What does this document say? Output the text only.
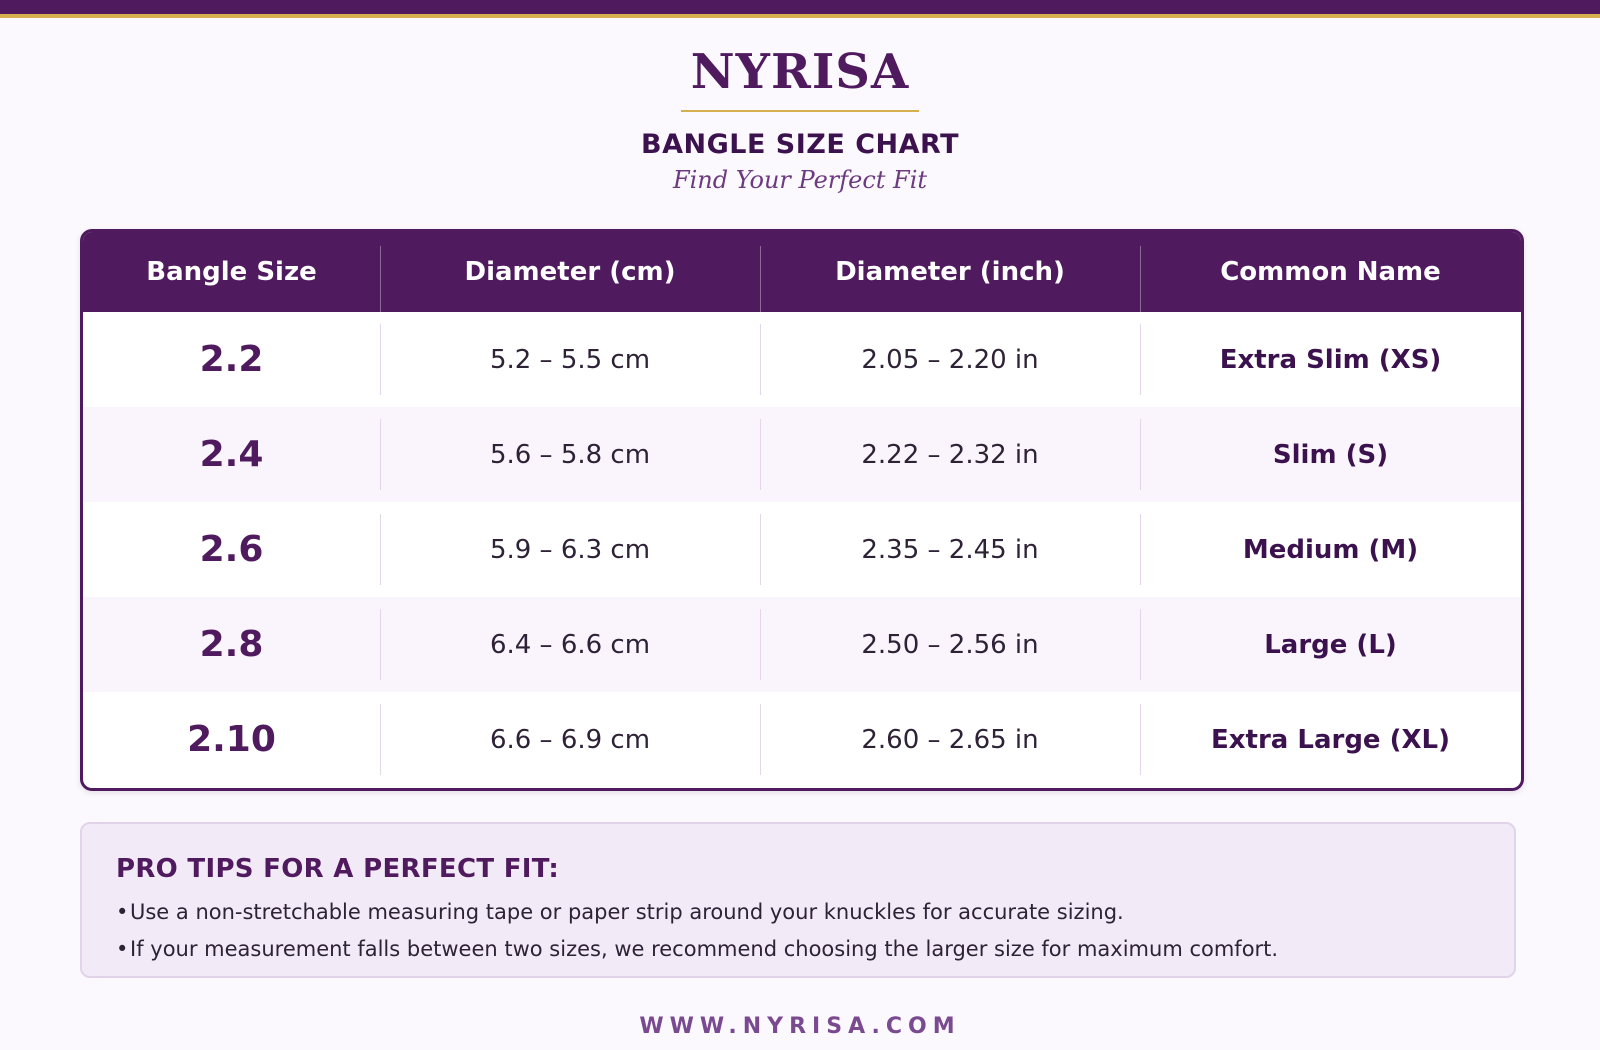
NYRISA
BANGLE SIZE CHART
Find Your Perfect Fit
Bangle Size	Diameter (cm)	Diameter (inch)	Common Name
2.2	5.2 – 5.5 cm	2.05 – 2.20 in	Extra Slim (XS)
2.4	5.6 – 5.8 cm	2.22 – 2.32 in	Slim (S)
2.6	5.9 – 6.3 cm	2.35 – 2.45 in	Medium (M)
2.8	6.4 – 6.6 cm	2.50 – 2.56 in	Large (L)
2.10	6.6 – 6.9 cm	2.60 – 2.65 in	Extra Large (XL)
PRO TIPS FOR A PERFECT FIT:
•Use a non-stretchable measuring tape or paper strip around your knuckles for accurate sizing.
•If your measurement falls between two sizes, we recommend choosing the larger size for maximum comfort.
WWW.NYRISA.COM
